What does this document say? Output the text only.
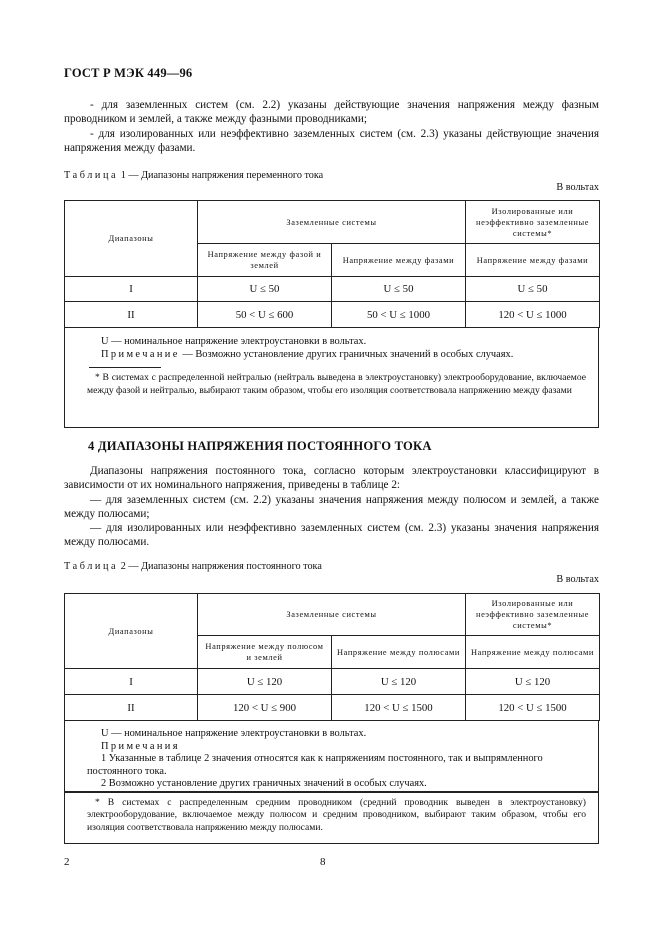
ГОСТ Р МЭК 449—96

- для заземленных систем (см. 2.2) указаны действующие значения напряжения между фазным проводником и землей, а также между фазными проводниками;

- для изолированных или неэффективно заземленных систем (см. 2.3) указаны действующие значения напряжения между фазами.

Таблица 1 — Диапазоны напряжения переменного тока
В вольтах
Диапазоны	Заземленные системы		Изолированные или неэффективно заземленные системы*
	Напряжение между фазой и землей	Напряжение между фазами	Напряжение между фазами
I	U ≤ 50	U ≤ 50	U ≤ 50
II	50 < U ≤ 600	50 < U ≤ 1000	120 < U ≤ 1000

U — номинальное напряжение электроустановки в вольтах.

Примечание — Возможно установление других граничных значений в особых случаях.

* В системах с распределенной нейтралью (нейтраль выведена в электроустановку) электрооборудование, включаемое между фазой и нейтралью, выбирают таким образом, чтобы его изоляция соответствовала напряжению между фазами

4 ДИАПАЗОНЫ НАПРЯЖЕНИЯ ПОСТОЯННОГО ТОКА

Диапазоны напряжения постоянного тока, согласно которым электроустановки классифицируют в зависимости от их номинального напряжения, приведены в таблице 2:

— для заземленных систем (см. 2.2) указаны значения напряжения между полюсом и землей, а также между полюсами;

— для изолированных или неэффективно заземленных систем (см. 2.3) указаны значения напряжения между полюсами.

Таблица 2 — Диапазоны напряжения постоянного тока
В вольтах
Диапазоны	Заземленные системы		Изолированные или неэффективно заземленные системы*
	Напряжение между полюсом и землей	Напряжение между полюсами	Напряжение между полюсами
I	U ≤ 120	U ≤ 120	U ≤ 120
II	120 < U ≤ 900	120 < U ≤ 1500	120 < U ≤ 1500

U — номинальное напряжение электроустановки в вольтах.

Примечания

1 Указанные в таблице 2 значения относятся как к напряжениям постоянного, так и выпрямленного постоянного тока.

2 Возможно установление других граничных значений в особых случаях.

* В системах с распределенным средним проводником (средний проводник выведен в электроустановку) электрооборудование, включаемое между полюсом и средним проводником, выбирают таким образом, чтобы его изоляция соответствовала напряжению между полюсами.

2	8
